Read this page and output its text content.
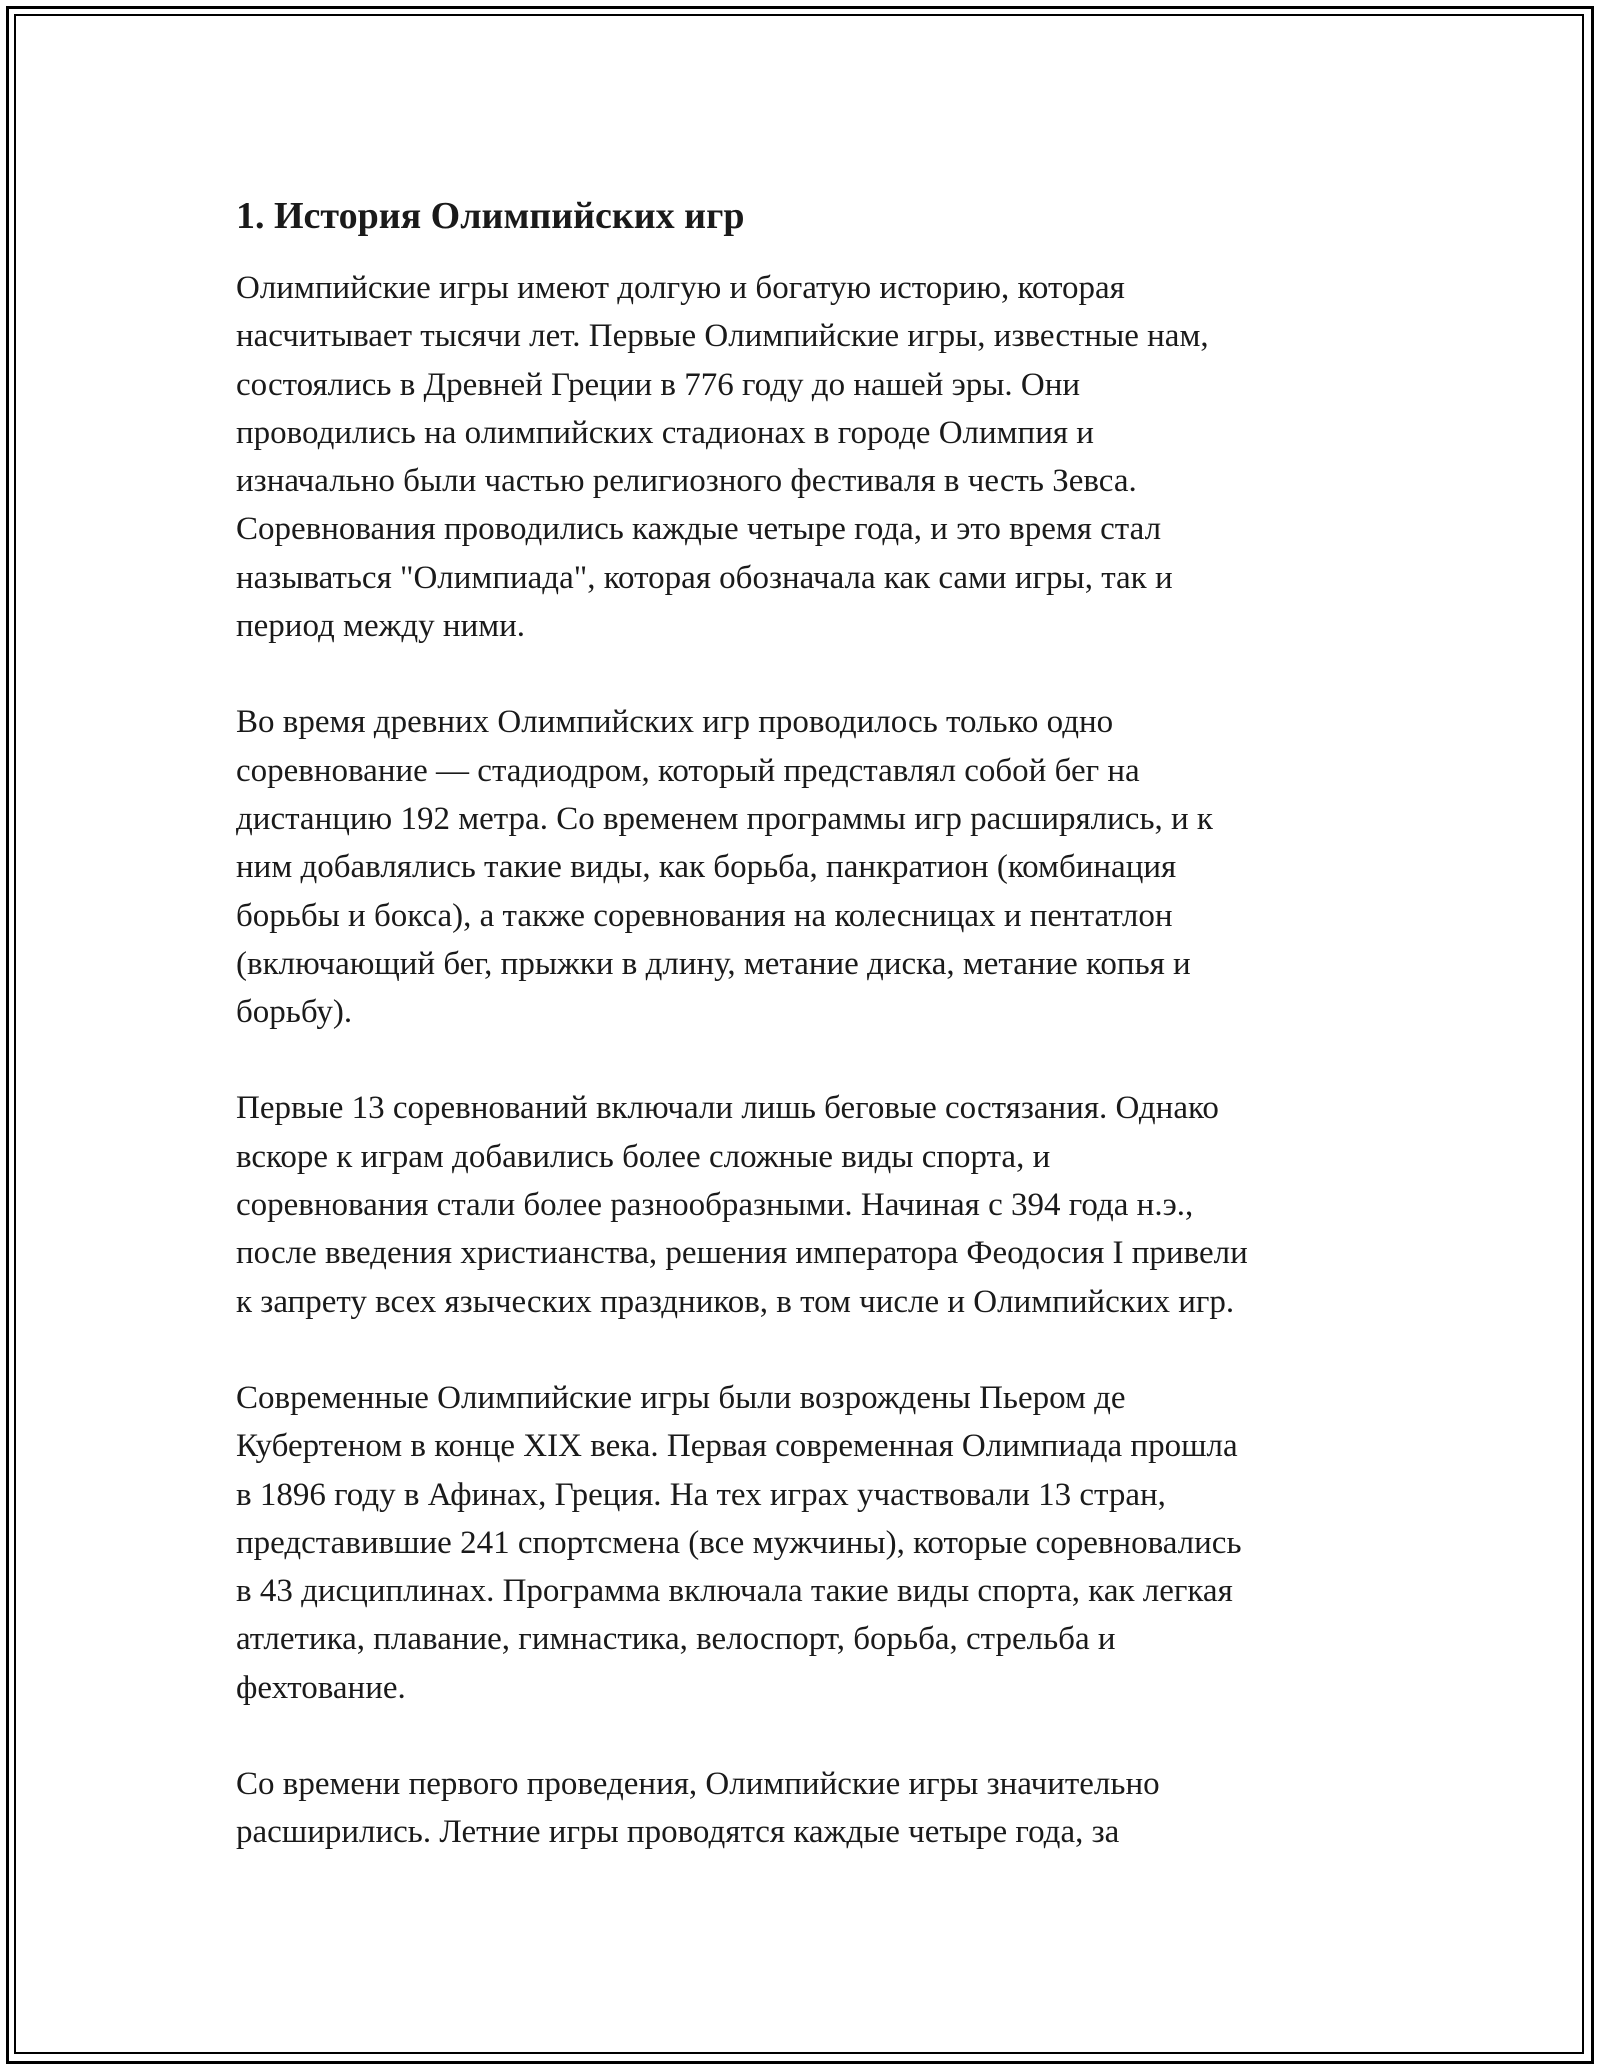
1. История Олимпийских игр
Олимпийские игры имеют долгую и богатую историю, которая
насчитывает тысячи лет. Первые Олимпийские игры, известные нам,
состоялись в Древней Греции в 776 году до нашей эры. Они
проводились на олимпийских стадионах в городе Олимпия и
изначально были частью религиозного фестиваля в честь Зевса.
Соревнования проводились каждые четыре года, и это время стал
называться "Олимпиада", которая обозначала как сами игры, так и
период между ними.
Во время древних Олимпийских игр проводилось только одно
соревнование — стадиодром, который представлял собой бег на
дистанцию 192 метра. Со временем программы игр расширялись, и к
ним добавлялись такие виды, как борьба, панкратион (комбинация
борьбы и бокса), а также соревнования на колесницах и пентатлон
(включающий бег, прыжки в длину, метание диска, метание копья и
борьбу).
Первые 13 соревнований включали лишь беговые состязания. Однако
вскоре к играм добавились более сложные виды спорта, и
соревнования стали более разнообразными. Начиная с 394 года н.э.,
после введения христианства, решения императора Феодосия I привели
к запрету всех языческих праздников, в том числе и Олимпийских игр.
Современные Олимпийские игры были возрождены Пьером де
Кубертеном в конце XIX века. Первая современная Олимпиада прошла
в 1896 году в Афинах, Греция. На тех играх участвовали 13 стран,
представившие 241 спортсмена (все мужчины), которые соревновались
в 43 дисциплинах. Программа включала такие виды спорта, как легкая
атлетика, плавание, гимнастика, велоспорт, борьба, стрельба и
фехтование.
Со времени первого проведения, Олимпийские игры значительно
расширились. Летние игры проводятся каждые четыре года, за
